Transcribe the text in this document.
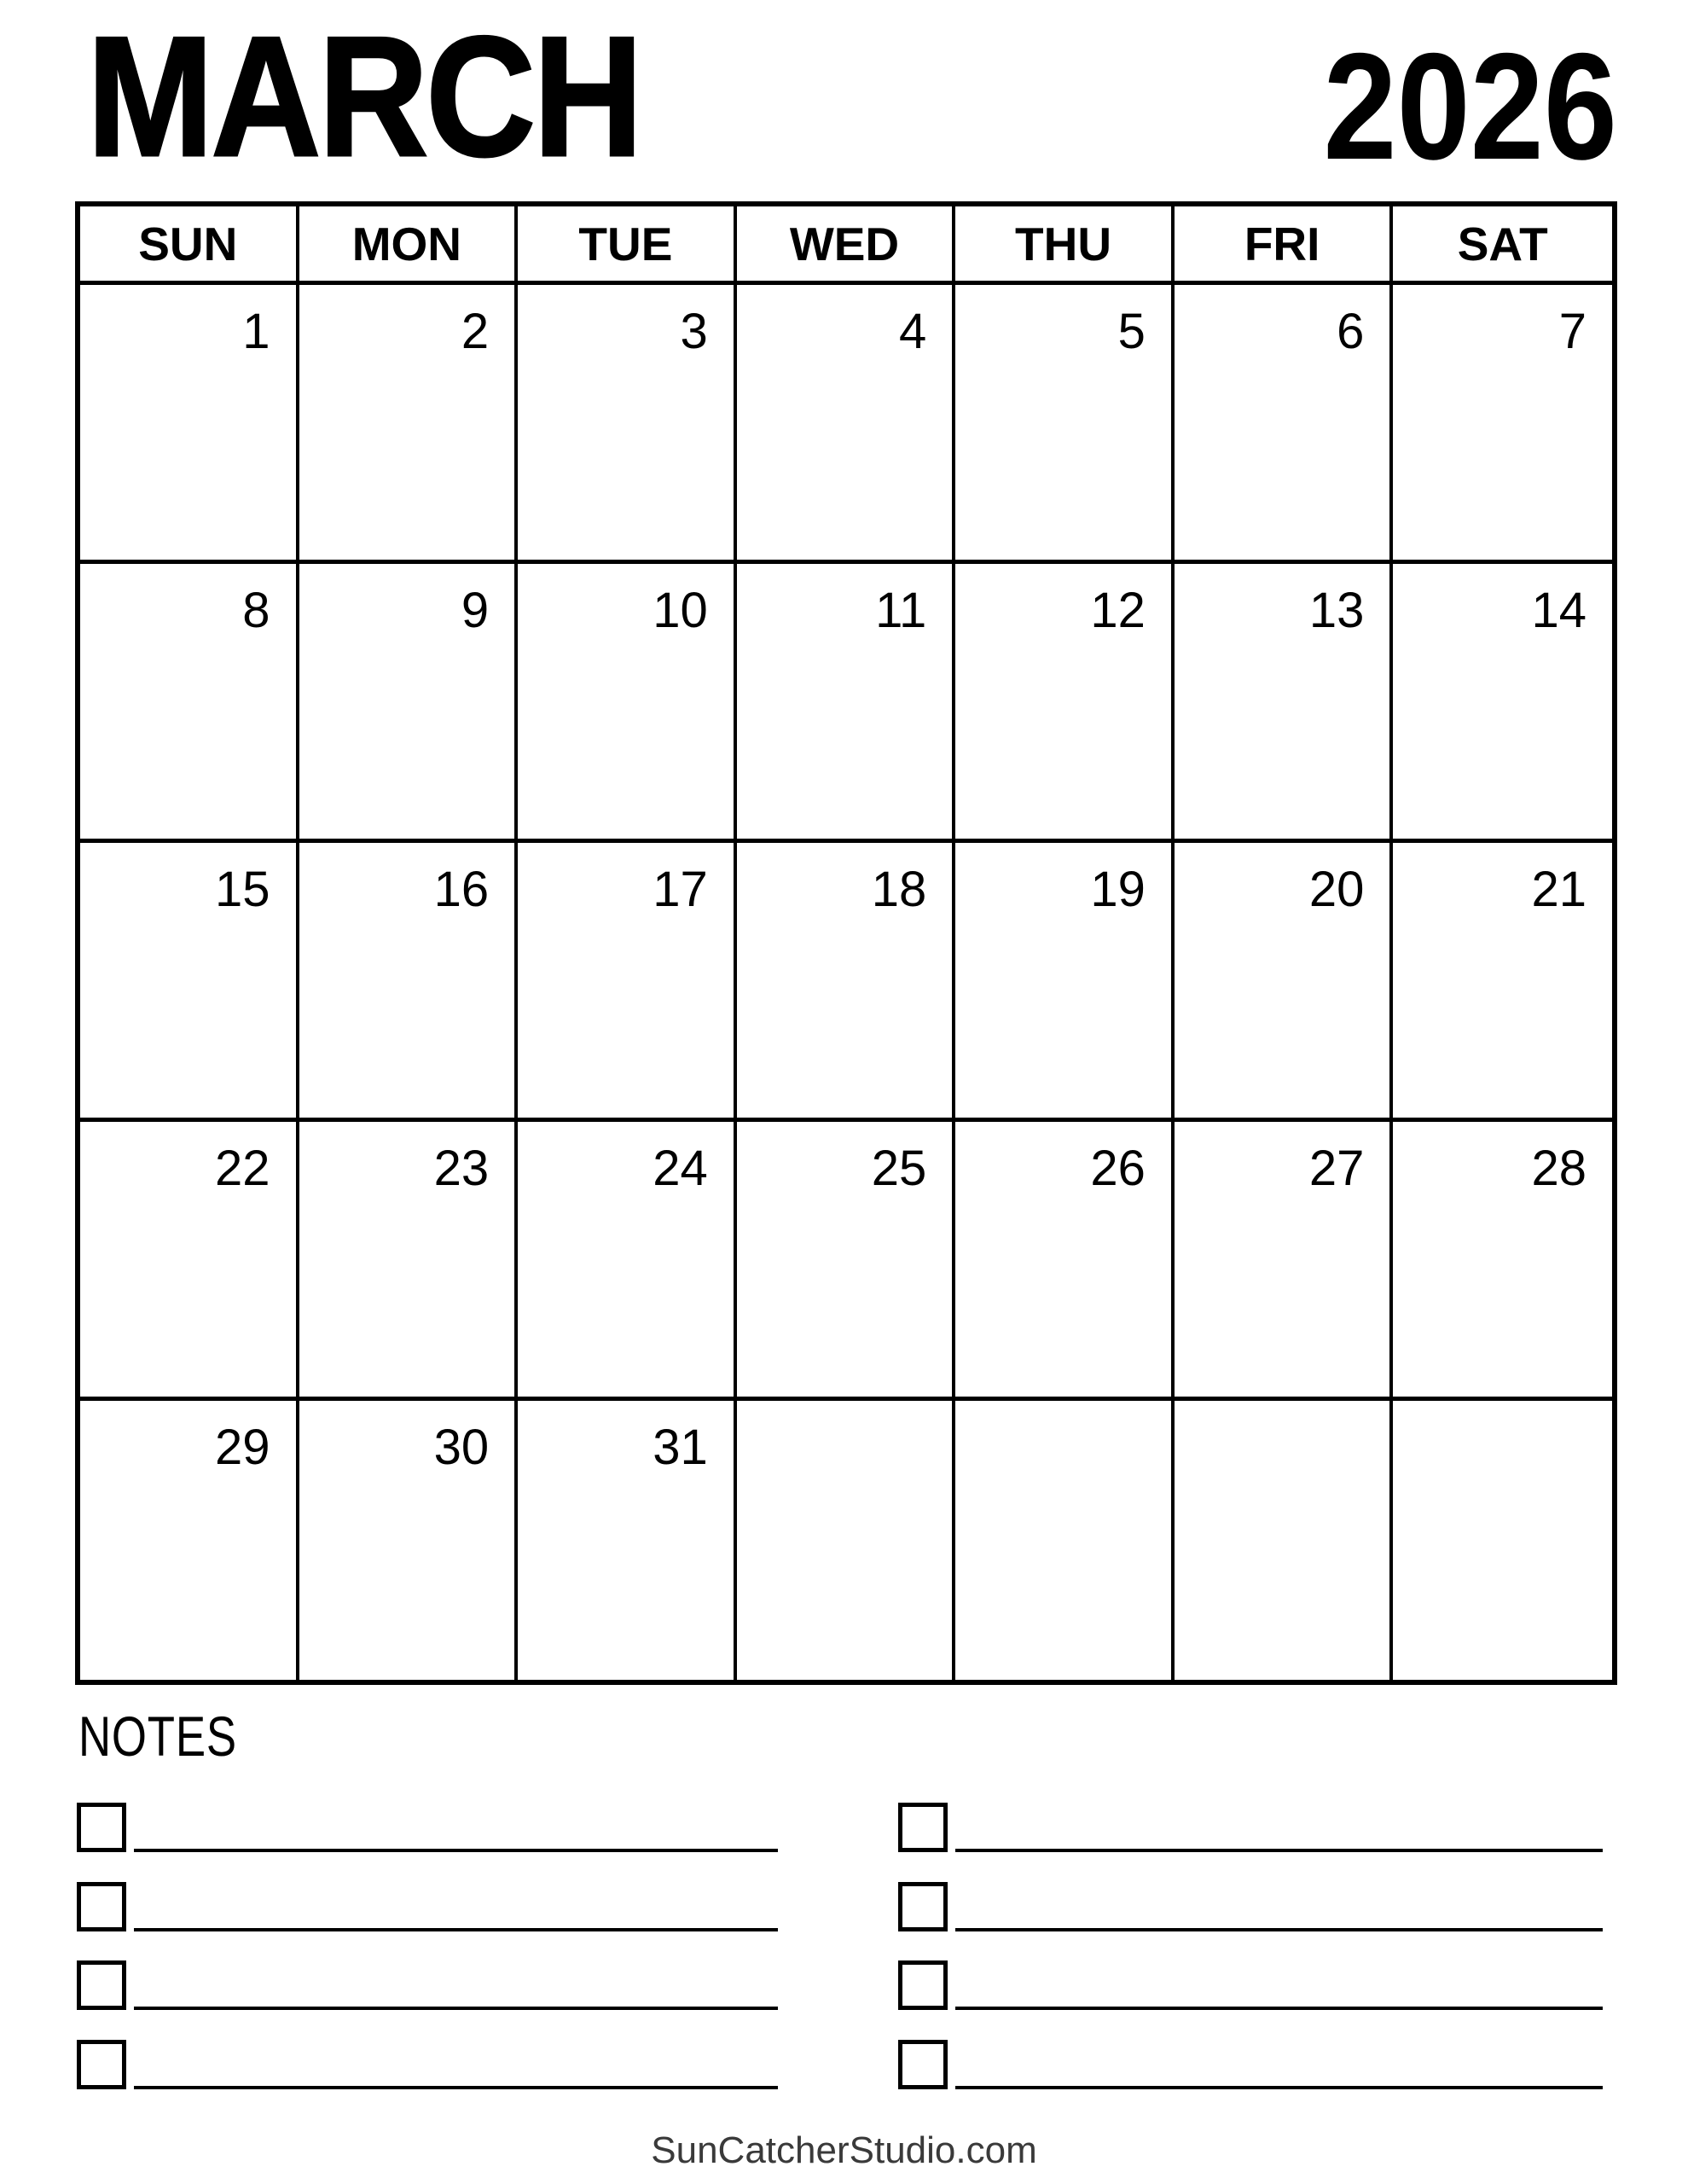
MARCH	2026
SUN	MON	TUE	WED	THU	FRI	SAT
1	2	3	4	5	6	7
8	9	10	11	12	13	14
15	16	17	18	19	20	21
22	23	24	25	26	27	28
29	30	31
NOTES
SunCatcherStudio.com
